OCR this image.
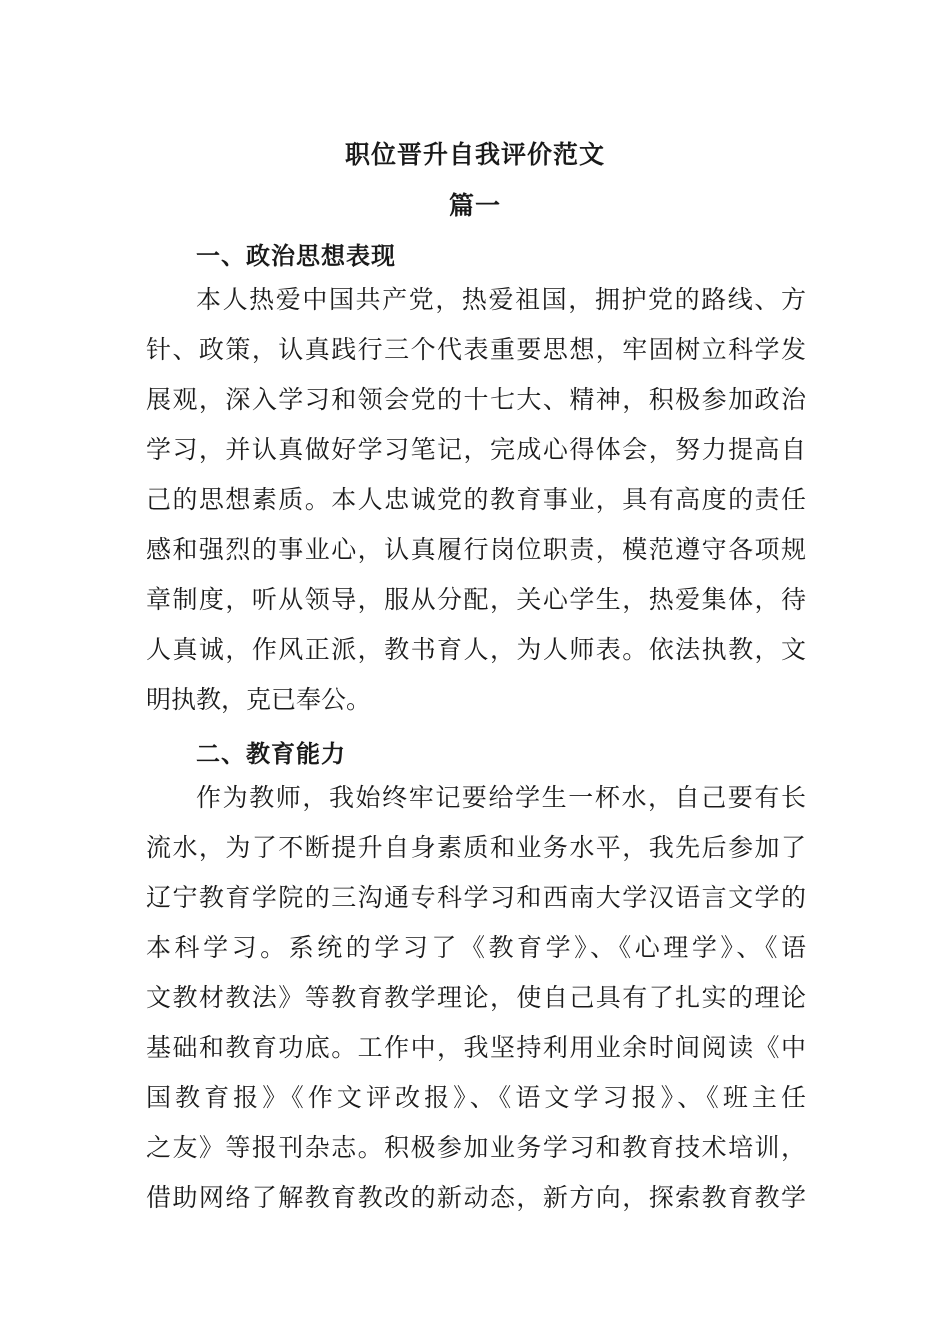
职位晋升自我评价范文
篇一
一、政治思想表现
本人热爱中国共产党，热爱祖国，拥护党的路线、方
针、政策，认真践行三个代表重要思想，牢固树立科学发
展观，深入学习和领会党的十七大、精神，积极参加政治
学习，并认真做好学习笔记，完成心得体会，努力提高自
己的思想素质。本人忠诚党的教育事业，具有高度的责任
感和强烈的事业心，认真履行岗位职责，模范遵守各项规
章制度，听从领导，服从分配，关心学生，热爱集体，待
人真诚，作风正派，教书育人，为人师表。依法执教，文
明执教，克已奉公。
二、教育能力
作为教师，我始终牢记要给学生一杯水，自己要有长
流水，为了不断提升自身素质和业务水平，我先后参加了
辽宁教育学院的三沟通专科学习和西南大学汉语言文学的
本科学习。系统的学习了《教育学》、《心理学》、《语
文教材教法》等教育教学理论，使自己具有了扎实的理论
基础和教育功底。工作中，我坚持利用业余时间阅读《中
国教育报》《作文评改报》、《语文学习报》、《班主任
之友》等报刊杂志。积极参加业务学习和教育技术培训，
借助网络了解教育教改的新动态，新方向，探索教育教学
